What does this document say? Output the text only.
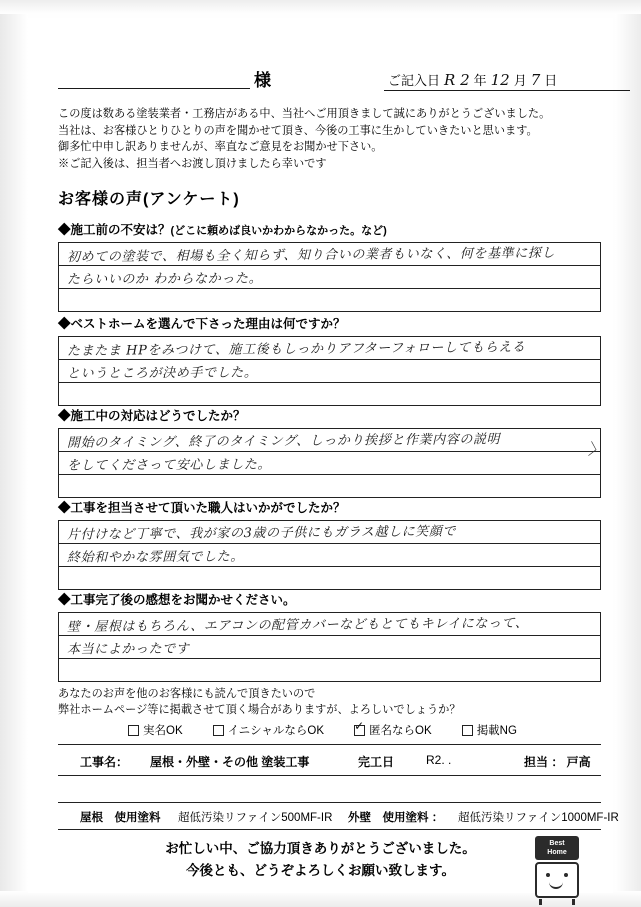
様	ご記入日 R 2 年 12 月 7 日
この度は数ある塗装業者・工務店がある中、当社へご用頂きまして誠にありがとうございました。
当社は、お客様ひとりひとりの声を聞かせて頂き、今後の工事に生かしていきたいと思います。
御多忙中申し訳ありませんが、率直なご意見をお聞かせ下さい。
※ご記入後は、担当者へお渡し頂けましたら幸いです
お客様の声(アンケート)
◆施工前の不安は？(どこに頼めば良いかわからなかった。など)
初めての塗装で、相場も全く知らず、知り合いの業者もいなく、何を基準に探し
たらいいのか わからなかった。
◆ベストホームを選んで下さった理由は何ですか？
たまたま HPをみつけて、施工後もしっかりアフターフォローしてもらえる
というところが決め手でした。
◆施工中の対応はどうでしたか？
開始のタイミング、終了のタイミング、しっかり挨拶と作業内容の説明
をしてくださって安心しました。
◆工事を担当させて頂いた職人はいかがでしたか？
片付けなど丁寧で、我が家の3歳の子供にもガラス越しに笑顔で
終始和やかな雰囲気でした。
◆工事完了後の感想をお聞かせください。
壁・屋根はもちろん、エアコンの配管カバーなどもとてもキレイになって、
本当によかったです
〉
あなたのお声を他のお客様にも読んで頂きたいので
弊社ホームページ等に掲載させて頂く場合がありますが、よろしいでしょうか？
実名OK	イニシャルならOK ✓	匿名ならOK	掲載NG
工事名： 屋根・外壁・その他 塗装工事	完工日	R2. .	担当 ： 戸高
屋根　使用塗料 超低汚染リファイン500MF-IR 外壁　使用塗料 ： 超低汚染リファイン1000MF-IR
お忙しい中、ご協力頂きありがとうございました。
今後とも、どうぞよろしくお願い致します。
Best
Home
